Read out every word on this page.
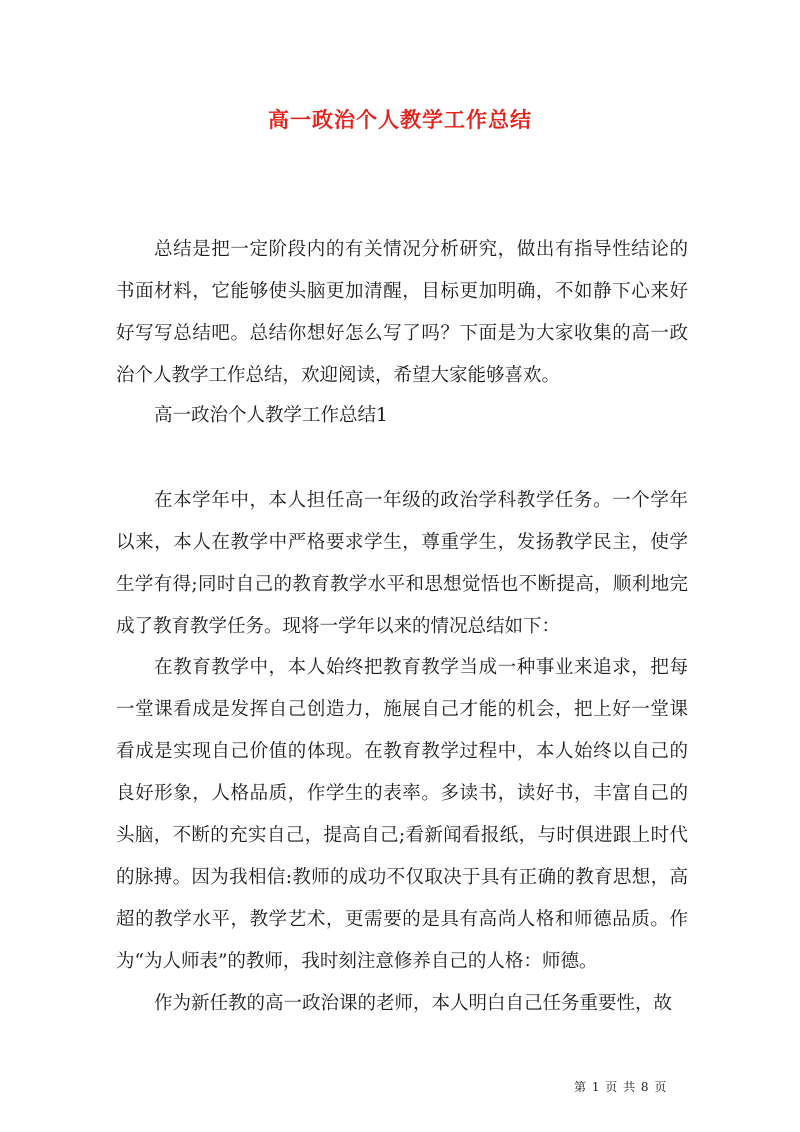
高一政治个人教学工作总结

总结是把一定阶段内的有关情况分析研究，做出有指导性结论的书面材料，它能够使头脑更加清醒，目标更加明确，不如静下心来好好写写总结吧。总结你想好怎么写了吗？下面是为大家收集的高一政治个人教学工作总结，欢迎阅读，希望大家能够喜欢。

高一政治个人教学工作总结1

在本学年中，本人担任高一年级的政治学科教学任务。一个学年以来，本人在教学中严格要求学生，尊重学生，发扬教学民主，使学生学有得;同时自己的教育教学水平和思想觉悟也不断提高，顺利地完成了教育教学任务。现将一学年以来的情况总结如下：

在教育教学中，本人始终把教育教学当成一种事业来追求，把每一堂课看成是发挥自己创造力，施展自己才能的机会，把上好一堂课看成是实现自己价值的体现。在教育教学过程中，本人始终以自己的良好形象，人格品质，作学生的表率。多读书，读好书，丰富自己的头脑，不断的充实自己，提高自己;看新闻看报纸，与时俱进跟上时代的脉搏。因为我相信:教师的成功不仅取决于具有正确的教育思想，高超的教学水平，教学艺术，更需要的是具有高尚人格和师德品质。作为“为人师表”的教师，我时刻注意修养自己的人格：师德。

作为新任教的高一政治课的老师，本人明白自己任务重要性，故

第 1 页 共 8 页
